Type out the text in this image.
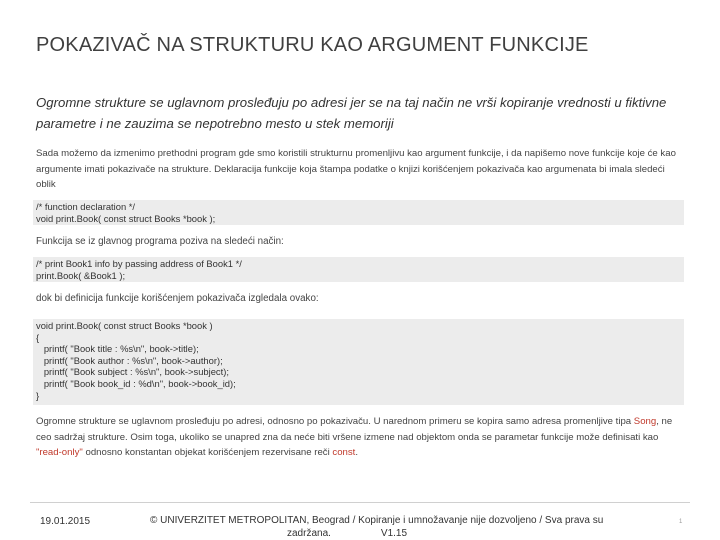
POKAZIVAČ NA STRUKTURU KAO ARGUMENT FUNKCIJE
Ogromne strukture se uglavnom prosleđuju po adresi jer se na taj način ne vrši kopiranje vrednosti u fiktivne parametre i ne zauzima se nepotrebno mesto u stek memoriji
Sada možemo da izmenimo prethodni program gde smo koristili strukturnu promenljivu kao argument funkcije, i da napišemo nove funkcije koje će kao argumente imati pokazivače na strukture. Deklaracija funkcije koja štampa podatke o knjizi korišćenjem pokazivača kao argumenata bi imala sledeći oblik
/* function declaration */
void print.Book( const struct Books *book );
Funkcija se iz glavnog programa poziva na sledeći način:
/* print Book1 info by passing address of Book1 */
print.Book( &Book1 );
dok bi definicija funkcije korišćenjem pokazivača izgledala ovako:
void print.Book( const struct Books *book )
{
printf( "Book title : %s\n", book->title);
printf( "Book author : %s\n", book->author);
printf( "Book subject : %s\n", book->subject);
printf( "Book book_id : %d\n", book->book_id);
}
Ogromne strukture se uglavnom prosleđuju po adresi, odnosno po pokazivaču. U narednom primeru se kopira samo adresa promenljive tipa Song, ne ceo sadržaj strukture. Osim toga, ukoliko se unapred zna da neće biti vršene izmene nad objektom onda se parametar funkcije može definisati kao "read-only" odnosno konstantan objekat korišćenjem rezervisane reči const.
19.01.2015	© UNIVERZITET METROPOLITAN, Beograd / Kopiranje i umnožavanje nije dozvoljeno / Sva prava su
zadržana.	V1.15
1
